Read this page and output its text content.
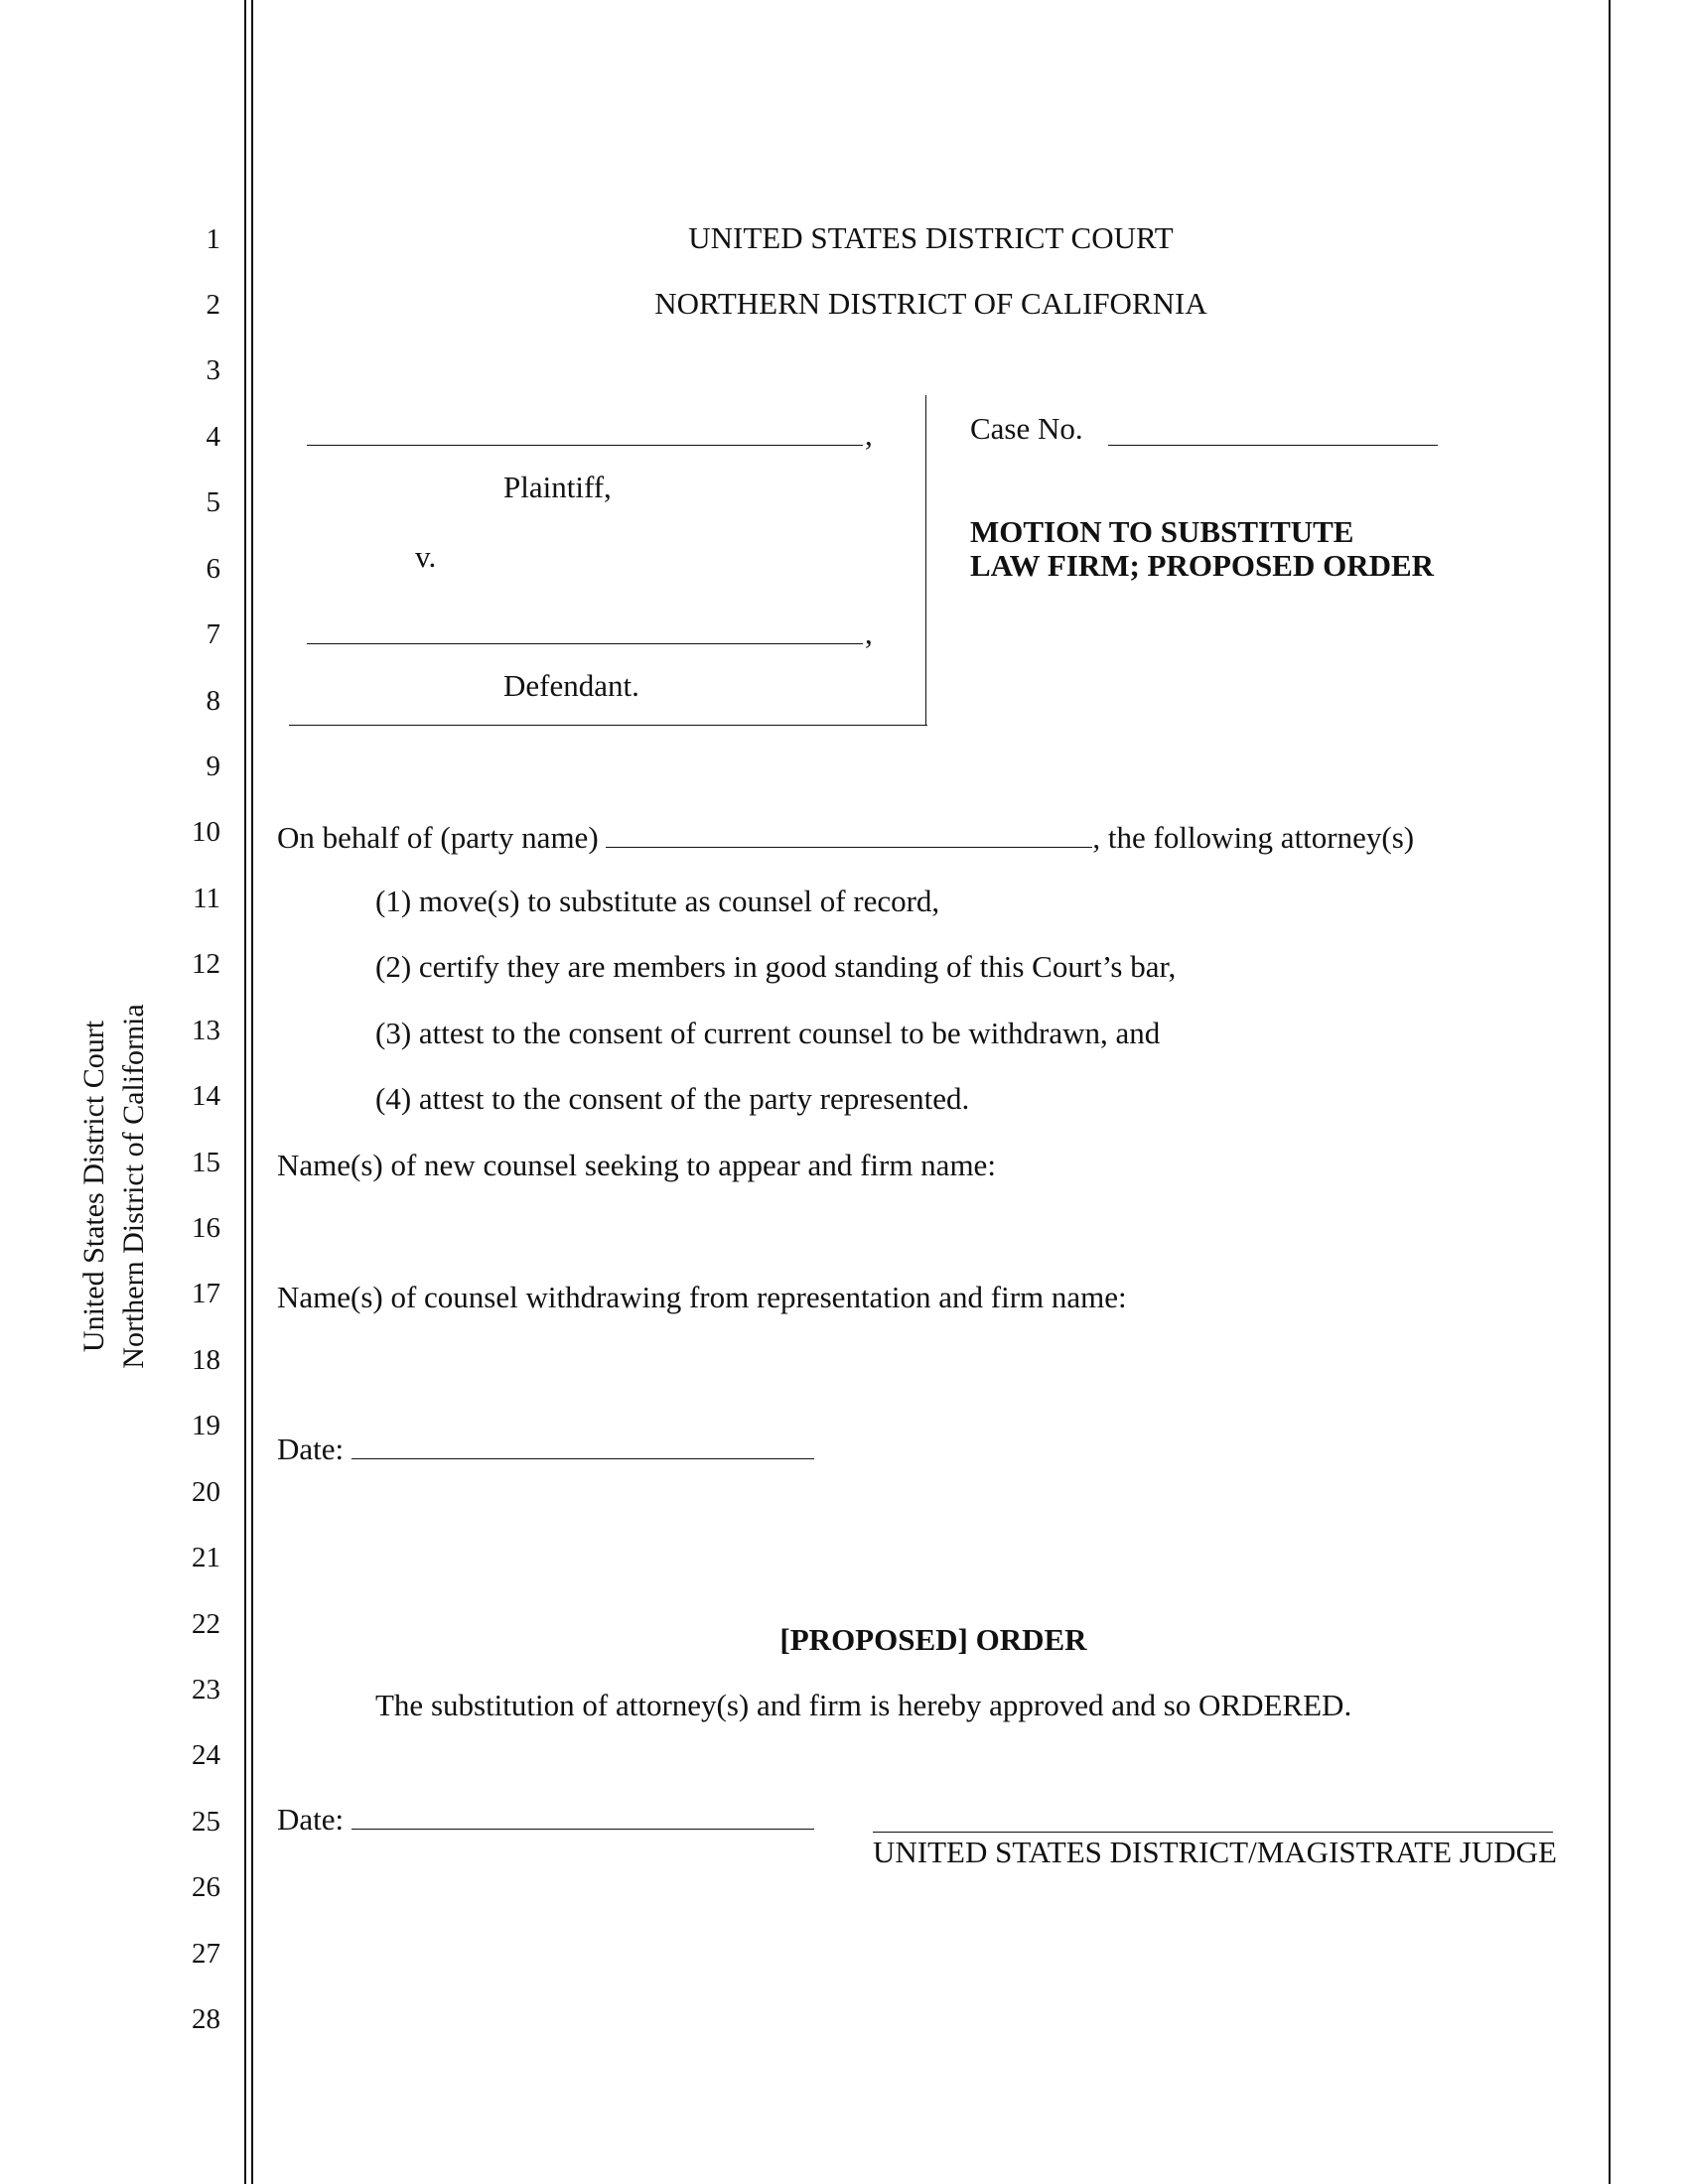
United States District Court Northern District of California
1
2
3
4
5
6
7
8
9
10
11
12
13
14
15
16
17
18
19
20
21
22
23
24
25
26
27
28
UNITED STATES DISTRICT COURT
NORTHERN DISTRICT OF CALIFORNIA
,
Plaintiff,
v.
,
Defendant.
Case No.
MOTION TO SUBSTITUTE
LAW FIRM; PROPOSED ORDER
On behalf of (party name)	, the following attorney(s)
(1) move(s) to substitute as counsel of record,
(2) certify they are members in good standing of this Court’s bar,
(3) attest to the consent of current counsel to be withdrawn, and
(4) attest to the consent of the party represented.
Name(s) of new counsel seeking to appear and firm name:
Name(s) of counsel withdrawing from representation and firm name:
Date:
[PROPOSED] ORDER
The substitution of attorney(s) and firm is hereby approved and so ORDERED.
Date:
UNITED STATES DISTRICT/MAGISTRATE JUDGE
